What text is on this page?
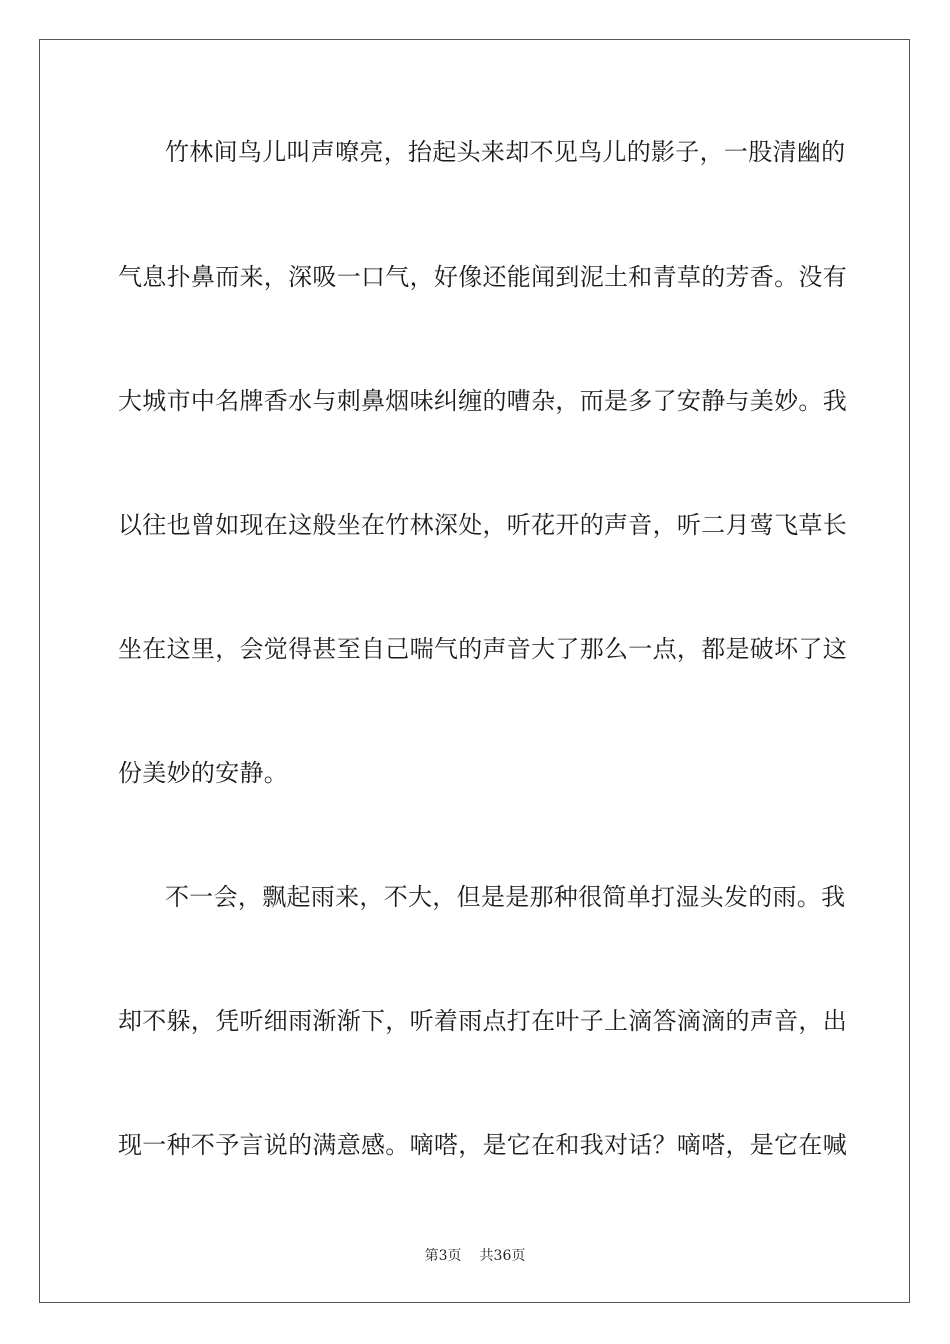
竹林间鸟儿叫声嘹亮，抬起头来却不见鸟儿的影子，一股清幽的
气息扑鼻而来，深吸一口气，好像还能闻到泥土和青草的芳香。没有
大城市中名牌香水与刺鼻烟味纠缠的嘈杂，而是多了安静与美妙。我
以往也曾如现在这般坐在竹林深处，听花开的声音，听二月莺飞草长
坐在这里，会觉得甚至自己喘气的声音大了那么一点，都是破坏了这
份美妙的安静。
不一会，飘起雨来，不大，但是是那种很简单打湿头发的雨。我
却不躲，凭听细雨渐渐下，听着雨点打在叶子上滴答滴滴的声音，出
现一种不予言说的满意感。嘀嗒，是它在和我对话？嘀嗒，是它在喊
第3页 共36页
